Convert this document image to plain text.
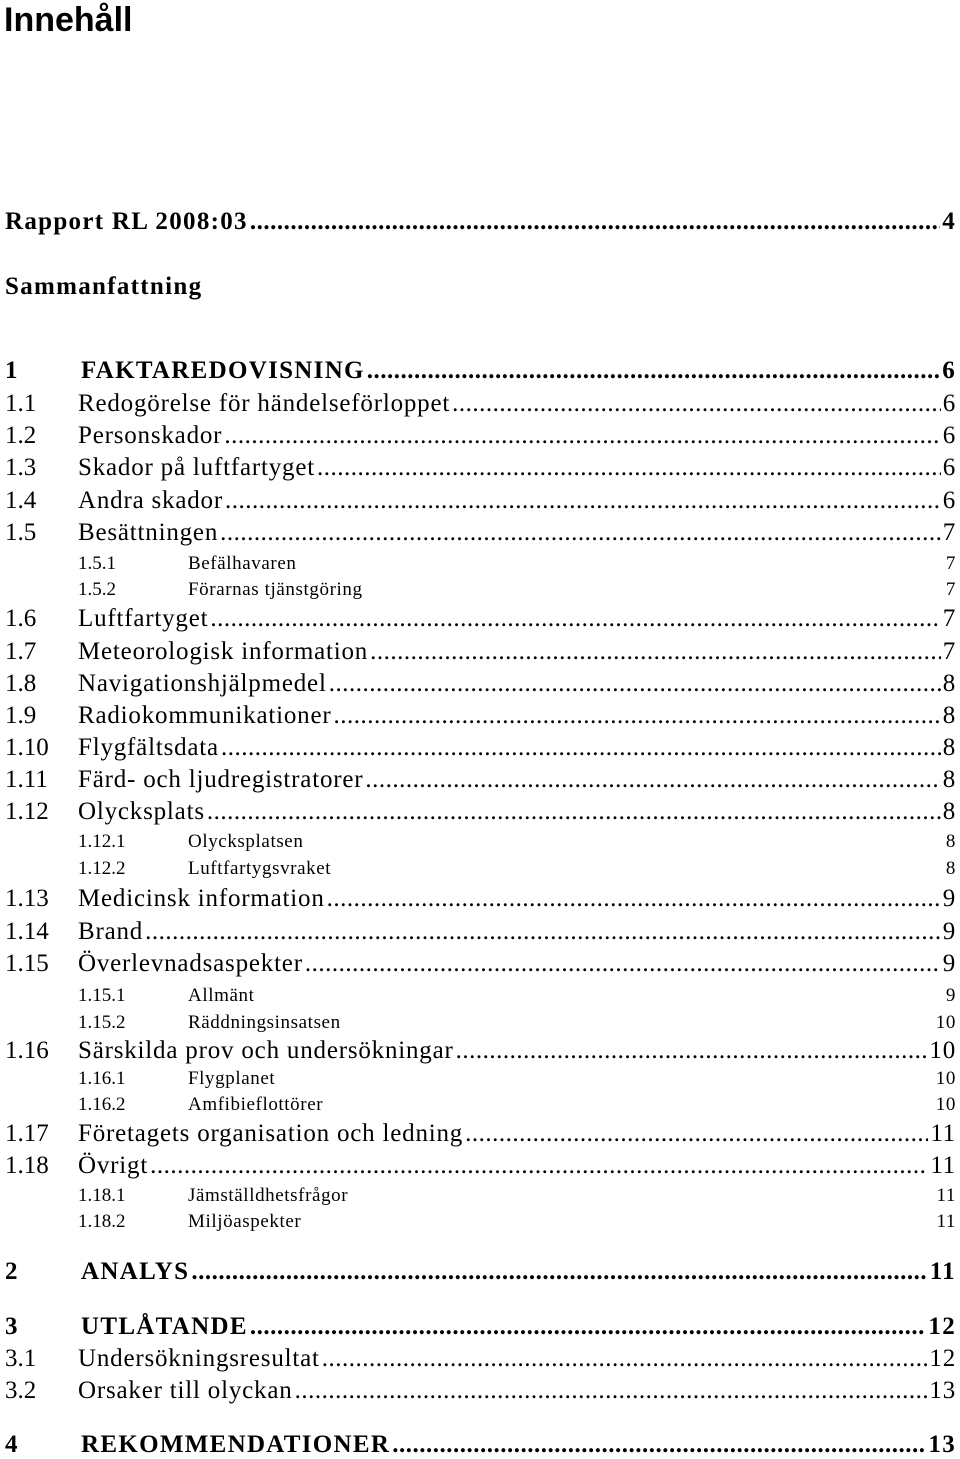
Innehåll
Rapport RL 2008:03 .....	4
Sammanfattning
1	FAKTAREDOVISNING .....	6
1.1	Redogörelse för händelseförloppet .....	6
1.2	Personskador .....	6
1.3	Skador på luftfartyget .....	6
1.4	Andra skador .....	6
1.5	Besättningen .....	7
1.5.1	Befälhavaren	7
1.5.2	Förarnas tjänstgöring	7
1.6	Luftfartyget .....	7
1.7	Meteorologisk information .....	7
1.8	Navigationshjälpmedel .....	8
1.9	Radiokommunikationer .....	8
1.10	Flygfältsdata .....	8
1.11	Färd- och ljudregistratorer .....	8
1.12	Olycksplats .....	8
1.12.1	Olycksplatsen	8
1.12.2	Luftfartygsvraket	8
1.13	Medicinsk information .....	9
1.14	Brand .....	9
1.15	Överlevnadsaspekter .....	9
1.15.1	Allmänt	9
1.15.2	Räddningsinsatsen	10
1.16	Särskilda prov och undersökningar .....	10
1.16.1	Flygplanet	10
1.16.2	Amfibieflottörer	10
1.17	Företagets organisation och ledning .....	11
1.18	Övrigt .....	11
1.18.1	Jämställdhetsfrågor	11
1.18.2	Miljöaspekter	11
2	ANALYS .....	11
3	UTLÅTANDE .....	12
3.1	Undersökningsresultat .....	12
3.2	Orsaker till olyckan .....	13
4	REKOMMENDATIONER .....	13
